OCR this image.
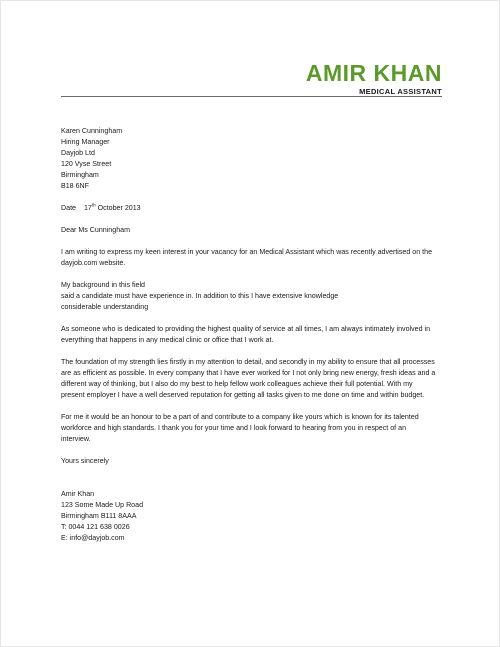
AMIR KHAN
MEDICAL ASSISTANT
Karen Cunningham
Hiring Manager
Dayjob Ltd
120 Vyse Street
Birmingham
B18 6NF
Date 17th October 2013
Dear Ms Cunningham
I am writing to express my keen interest in your vacancy for an Medical Assistant which was recently advertised on the
dayjob.com website.
My background in this field
said a candidate must have experience in. In addition to this I have extensive knowledge
considerable understanding
As someone who is dedicated to providing the highest quality of service at all times, I am always intimately involved in
everything that happens in any medical clinic or office that I work at.
The foundation of my strength lies firstly in my attention to detail, and secondly in my ability to ensure that all processes
are as efficient as possible. In every company that I have ever worked for I not only bring new energy, fresh ideas and a
different way of thinking, but I also do my best to help fellow work colleagues achieve their full potential. With my
present employer I have a well deserved reputation for getting all tasks given to me done on time and within budget.
For me it would be an honour to be a part of and contribute to a company like yours which is known for its talented
workforce and high standards. I thank you for your time and I look forward to hearing from you in respect of an
interview.
Yours sincerely
Amir Khan
123 Some Made Up Road
Birmingham B111 8AAA
T: 0044 121 638 0026
E: info@dayjob.com
